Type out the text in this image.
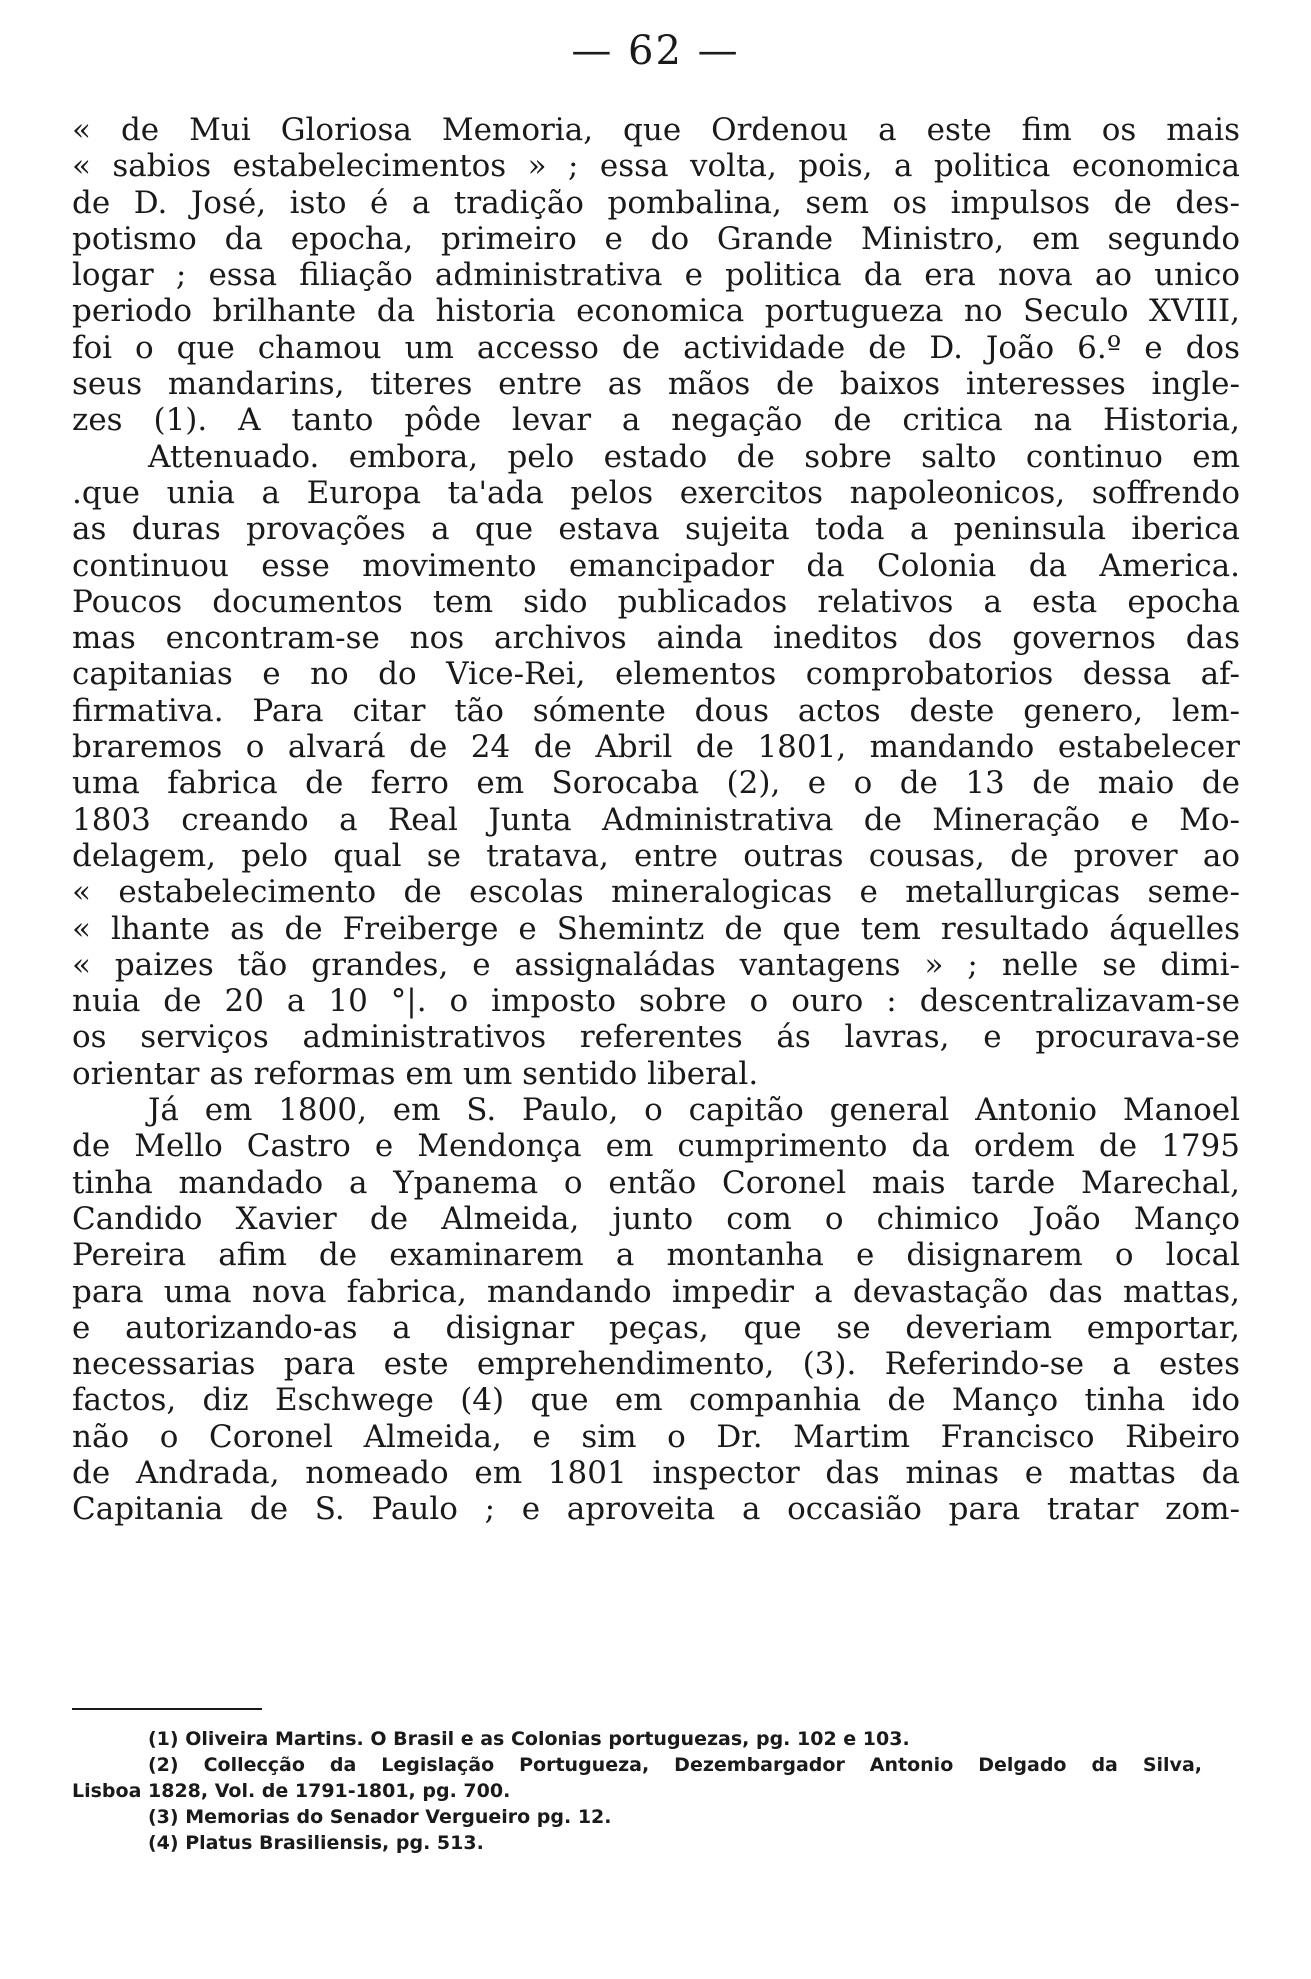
— 62 —
« de Mui Gloriosa Memoria, que Ordenou a este fim os mais
« sabios estabelecimentos » ; essa volta, pois, a politica economica
de D. José, isto é a tradição pombalina, sem os impulsos de des-
potismo da epocha, primeiro e do Grande Ministro, em segundo
logar ; essa filiação administrativa e politica da era nova ao unico
periodo brilhante da historia economica portugueza no Seculo XVIII,
foi o que chamou um accesso de actividade de D. João 6.º e dos
seus mandarins, titeres entre as mãos de baixos interesses ingle-
zes (1). A tanto pôde levar a negação de critica na Historia,
Attenuado. embora, pelo estado de sobre salto continuo em
.que unia a Europa ta'ada pelos exercitos napoleonicos, soffrendo
as duras provações a que estava sujeita toda a peninsula iberica
continuou esse movimento emancipador da Colonia da America.
Poucos documentos tem sido publicados relativos a esta epocha
mas encontram-se nos archivos ainda ineditos dos governos das
capitanias e no do Vice-Rei, elementos comprobatorios dessa af-
firmativa. Para citar tão sómente dous actos deste genero, lem-
braremos o alvará de 24 de Abril de 1801, mandando estabelecer
uma fabrica de ferro em Sorocaba (2), e o de 13 de maio de
1803 creando a Real Junta Administrativa de Mineração e Mo-
delagem, pelo qual se tratava, entre outras cousas, de prover ao
« estabelecimento de escolas mineralogicas e metallurgicas seme-
« lhante as de Freiberge e Shemintz de que tem resultado áquelles
« paizes tão grandes, e assignaládas vantagens » ; nelle se dimi-
nuia de 20 a 10 °|. o imposto sobre o ouro : descentralizavam-se
os serviços administrativos referentes ás lavras, e procurava-se
orientar as reformas em um sentido liberal.
Já em 1800, em S. Paulo, o capitão general Antonio Manoel
de Mello Castro e Mendonça em cumprimento da ordem de 1795
tinha mandado a Ypanema o então Coronel mais tarde Marechal,
Candido Xavier de Almeida, junto com o chimico João Manço
Pereira afim de examinarem a montanha e disignarem o local
para uma nova fabrica, mandando impedir a devastação das mattas,
e autorizando-as a disignar peças, que se deveriam emportar,
necessarias para este emprehendimento, (3). Referindo-se a estes
factos, diz Eschwege (4) que em companhia de Manço tinha ido
não o Coronel Almeida, e sim o Dr. Martim Francisco Ribeiro
de Andrada, nomeado em 1801 inspector das minas e mattas da
Capitania de S. Paulo ; e aproveita a occasião para tratar zom-
(1) Oliveira Martins. O Brasil e as Colonias portuguezas, pg. 102 e 103.
(2) Collecção da Legislação Portugueza, Dezembargador Antonio Delgado da Silva,
Lisboa 1828, Vol. de 1791-1801, pg. 700.
(3) Memorias do Senador Vergueiro pg. 12.
(4) Platus Brasiliensis, pg. 513.
